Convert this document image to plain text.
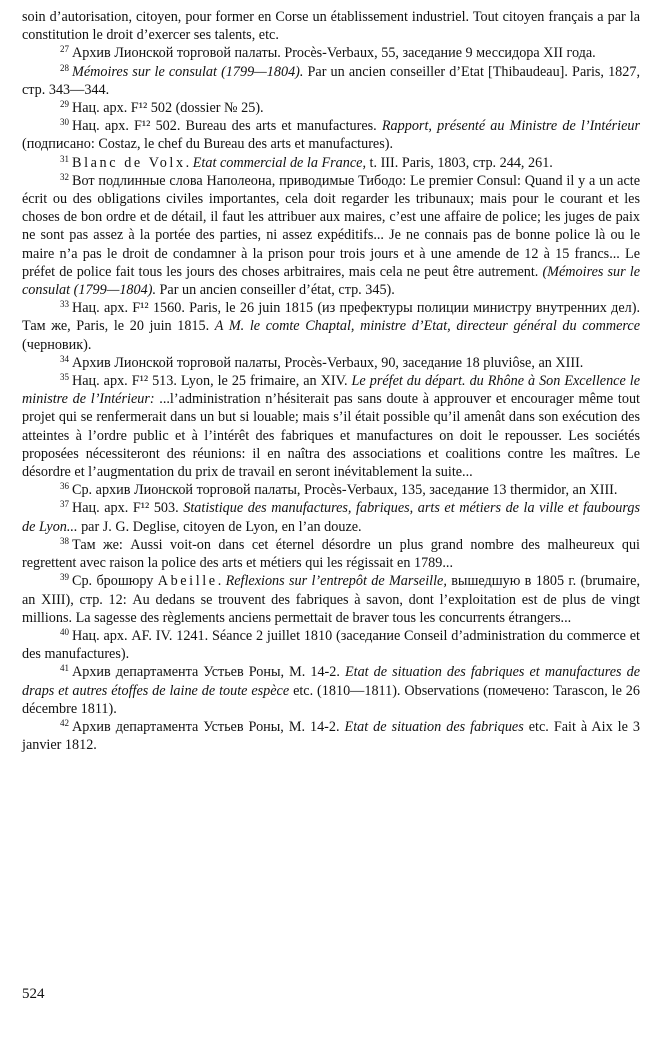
soin d’autorisation, citoyen, pour former en Corse un établissement industriel. Tout citoyen français a par la constitution le droit d’exercer ses talents, etc.

$^{27}$ Архив Лионской торговой палаты. Procès-Verbaux, 55, заседание 9 мессидора XII года.

$^{28}$ Mémoires sur le consulat (1799—1804). Par un ancien conseiller d’Etat [Thibaudeau]. Paris, 1827, стр. 343—344.

$^{29}$ Нац. арх. F¹² 502 (dossier № 25).

$^{30}$ Нац. арх. F¹² 502. Bureau des arts et manufactures. Rapport, présenté au Ministre de l’Intérieur (подписано: Costaz, le chef du Bureau des arts et manufactures).

$^{31}$ Blanc de Volx. Etat commercial de la France, t. III. Paris, 1803, стр. 244, 261.

$^{32}$ Вот подлинные слова Наполеона, приводимые Тибодо: Le premier Consul: Quand il y a un acte écrit ou des obligations civiles importantes, cela doit regarder les tribunaux; mais pour le courant et les choses de bon ordre et de détail, il faut les attribuer aux maires, c’est une affaire de police; les juges de paix ne sont pas assez à la portée des parties, ni assez expéditifs... Je ne connais pas de bonne police là ou le maire n’a pas le droit de condamner à la prison pour trois jours et à une amende de 12 à 15 francs... Le préfet de police fait tous les jours des choses arbitraires, mais cela ne peut être autrement. (Mémoires sur le consulat (1799—1804). Par un ancien conseiller d’état, стр. 345).

$^{33}$ Нац. арх. F¹² 1560. Paris, le 26 juin 1815 (из префектуры полиции министру внутренних дел). Там же, Paris, le 20 juin 1815. A M. le comte Chaptal, ministre d’Etat, directeur général du commerce (черновик).

$^{34}$ Архив Лионской торговой палаты, Procès-Verbaux, 90, заседание 18 pluviôse, an XIII.

$^{35}$ Нац. арх. F¹² 513. Lyon, le 25 frimaire, an XIV. Le préfet du départ. du Rhône à Son Excellence le ministre de l’Intérieur: ...l’administration n’hésiterait pas sans doute à approuver et encourager même tout projet qui se renfermerait dans un but si louable; mais s’il était possible qu’il amenât dans son exécution des atteintes à l’ordre public et à l’intérêt des fabriques et manufactures on doit le repousser. Les sociétés proposées nécessiteront des réunions: il en naîtra des associations et coalitions contre les maîtres. Le désordre et l’augmentation du prix de travail en seront inévitablement la suite...

$^{36}$ Ср. архив Лионской торговой палаты, Procès-Verbaux, 135, заседание 13 thermidor, an XIII.

$^{37}$ Нац. арх. F¹² 503. Statistique des manufactures, fabriques, arts et métiers de la ville et faubourgs de Lyon... par J. G. Deglise, citoyen de Lyon, en l’an douze.

$^{38}$ Там же: Aussi voit-on dans cet éternel désordre un plus grand nombre des malheureux qui regrettent avec raison la police des arts et métiers qui les régissait en 1789...

$^{39}$ Ср. брошюру Abeille. Reflexions sur l’entrepôt de Marseille, вышедшую в 1805 г. (brumaire, an XIII), стр. 12: Au dedans se trouvent des fabriques à savon, dont l’exploitation est de plus de vingt millions. La sagesse des règlements anciens permettait de braver tous les concurrents étrangers...

$^{40}$ Нац. арх. AF. IV. 1241. Séance 2 juillet 1810 (заседание Conseil d’administration du commerce et des manufactures).

$^{41}$ Архив департамента Устьев Роны, M. 14-2. Etat de situation des fabriques et manufactures de draps et autres étoffes de laine de toute espèce etc. (1810—1811). Observations (помечено: Tarascon, le 26 décembre 1811).

$^{42}$ Архив департамента Устьев Роны, M. 14-2. Etat de situation des fabriques etc. Fait à Aix le 3 janvier 1812.

524
